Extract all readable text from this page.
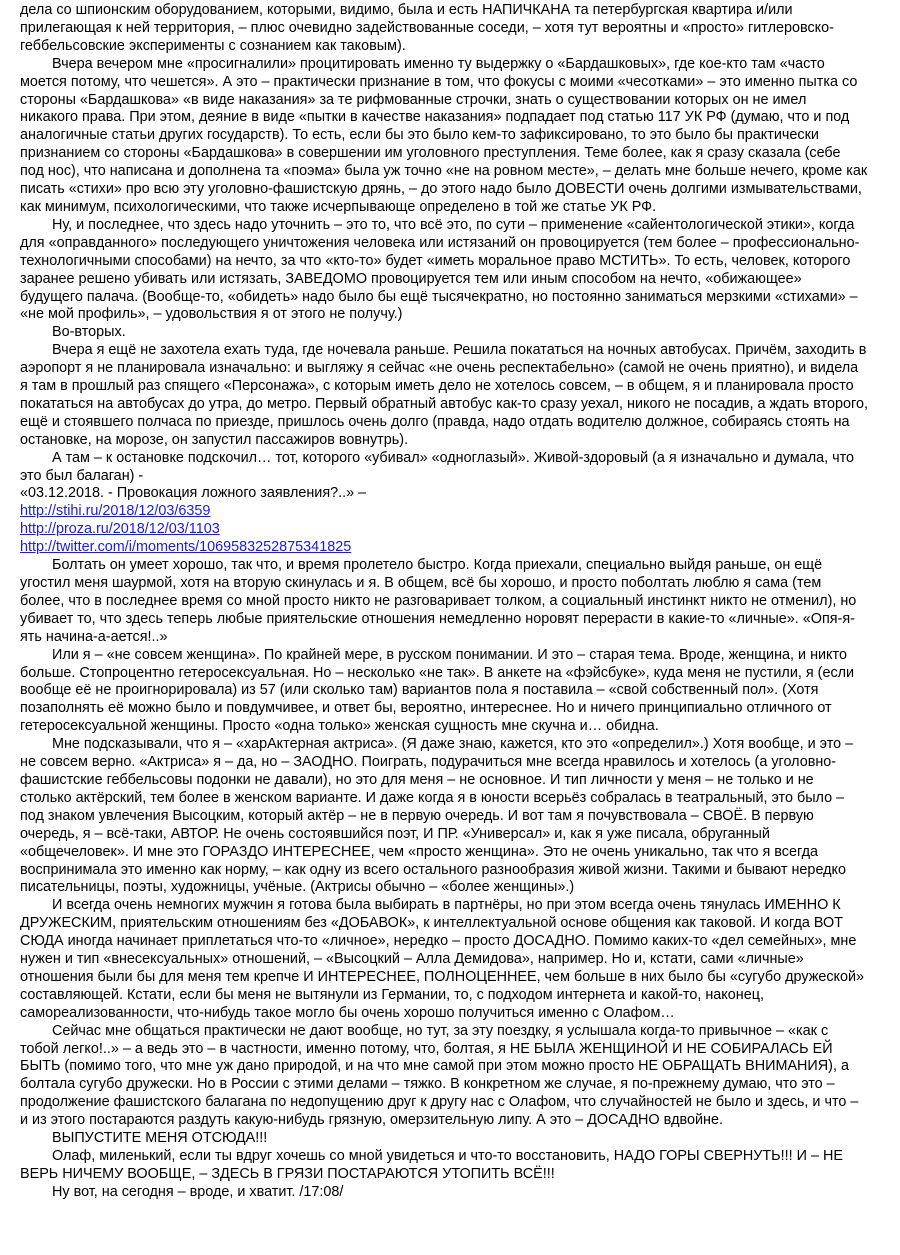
дела со шпионским оборудованием, которыми, видимо, была и есть НАПИЧКАНА та петербургская квартира и/или прилегающая к ней территория, – плюс очевидно задействованные соседи, – хотя тут вероятны и «просто» гитлеровско-геббельсовские эксперименты с сознанием как таковым).

Вчера вечером мне «просигналили» процитировать именно ту выдержку о «Бардашковых», где кое-кто там «часто моется потому, что чешется». А это – практически признание в том, что фокусы с моими «чесотками» – это именно пытка со стороны «Бардашкова» «в виде наказания» за те рифмованные строчки, знать о существовании которых он не имел никакого права. При этом, деяние в виде «пытки в качестве наказания» подпадает под статью 117 УК РФ (думаю, что и под аналогичные статьи других государств). То есть, если бы это было кем-то зафиксировано, то это было бы практически признанием со стороны «Бардашкова» в совершении им уголовного преступления. Теме более, как я сразу сказала (себе под нос), что написана и дополнена та «поэма» была уж точно «не на ровном месте», – делать мне больше нечего, кроме как писать «стихи» про всю эту уголовно-фашистскую дрянь, – до этого надо было ДОВЕСТИ очень долгими измывательствами, как минимум, психологическими, что также исчерпывающе определено в той же статье УК РФ.

Ну, и последнее, что здесь надо уточнить – это то, что всё это, по сути – применение «сайентологической этики», когда для «оправданного» последующего уничтожения человека или истязаний он провоцируется (тем более – профессионально-технологичными способами) на нечто, за что «кто-то» будет «иметь моральное право МСТИТЬ». То есть, человек, которого заранее решено убивать или истязать, ЗАВЕДОМО провоцируется тем или иным способом на нечто, «обижающее» будущего палача. (Вообще-то, «обидеть» надо было бы ещё тысячекратно, но постоянно заниматься мерзкими «стихами» – «не мой профиль», – удовольствия я от этого не получу.)

Во-вторых.

Вчера я ещё не захотела ехать туда, где ночевала раньше. Решила покататься на ночных автобусах. Причём, заходить в аэропорт я не планировала изначально: и выгляжу я сейчас «не очень респектабельно» (самой не очень приятно), и видела я там в прошлый раз спящего «Персонажа», с которым иметь дело не хотелось совсем, – в общем, я и планировала просто покататься на автобусах до утра, до метро. Первый обратный автобус как-то сразу уехал, никого не посадив, а ждать второго, ещё и стоявшего полчаса по приезде, пришлось очень долго (правда, надо отдать водителю должное, собираясь стоять на остановке, на морозе, он запустил пассажиров вовнутрь).

А там – к остановке подскочил… тот, которого «убивал» «одноглазый». Живой-здоровый (а я изначально и думала, что это был балаган) -

«03.12.2018. - Провокация ложного заявления?..» –

http://stihi.ru/2018/12/03/6359

http://proza.ru/2018/12/03/1103

http://twitter.com/i/moments/1069583252875341825

Болтать он умеет хорошо, так что, и время пролетело быстро. Когда приехали, специально выйдя раньше, он ещё угостил меня шаурмой, хотя на вторую скинулась и я. В общем, всё бы хорошо, и просто поболтать люблю я сама (тем более, что в последнее время со мной просто никто не разговаривает толком, а социальный инстинкт никто не отменил), но убивает то, что здесь теперь любые приятельские отношения немедленно норовят перерасти в какие-то «личные». «Опя-я-ять начина-а-ается!..»

Или я – «не совсем женщина». По крайней мере, в русском понимании. И это – старая тема. Вроде, женщина, и никто больше. Стопроцентно гетеросексуальная. Но – несколько «не так». В анкете на «фэйсбуке», куда меня не пустили, я (если вообще её не проигнорировала) из 57 (или сколько там) вариантов пола я поставила – «свой собственный пол». (Хотя позаполнять её можно было и повдумчивее, и ответ бы, вероятно, интереснее. Но и ничего принципиально отличного от гетеросексуальной женщины. Просто «одна только» женская сущность мне скучна и… обидна.

Мне подсказывали, что я – «харАктерная актриса». (Я даже знаю, кажется, кто это «определил».) Хотя вообще, и это – не совсем верно. «Актриса» я – да, но – ЗАОДНО. Поиграть, подурачиться мне всегда нравилось и хотелось (а уголовно-фашистские геббельсовы подонки не давали), но это для меня – не основное. И тип личности у меня – не только и не столько актёрский, тем более в женском варианте. И даже когда я в юности всерьёз собралась в театральный, это было – под знаком увлечения Высоцким, который актёр – не в первую очередь. И вот там я почувствовала – СВОЁ. В первую очередь, я – всё-таки, АВТОР. Не очень состоявшийся поэт, И ПР. «Универсал» и, как я уже писала, обруганный «общечеловек». И мне это ГОРАЗДО ИНТЕРЕСНЕЕ, чем «просто женщина». Это не очень уникально, так что я всегда воспринимала это именно как норму, – как одну из всего остального разнообразия живой жизни. Такими и бывают нередко писательницы, поэты, художницы, учёные. (Актрисы обычно – «более женщины».)

И всегда очень немногих мужчин я готова была выбирать в партнёры, но при этом всегда очень тянулась ИМЕННО К ДРУЖЕСКИМ, приятельским отношениям без «ДОБАВОК», к интеллектуальной основе общения как таковой. И когда ВОТ СЮДА иногда начинает приплетаться что-то «личное», нередко – просто ДОСАДНО. Помимо каких-то «дел семейных», мне нужен и тип «внесексуальных» отношений, – «Высоцкий – Алла Демидова», например. Но и, кстати, сами «личные» отношения были бы для меня тем крепче И ИНТЕРЕСНЕЕ, ПОЛНОЦЕННЕЕ, чем больше в них было бы «сугубо дружеской» составляющей. Кстати, если бы меня не вытянули из Германии, то, с подходом интернета и какой-то, наконец, самореализованности, что-нибудь такое могло бы очень хорошо получиться именно с Олафом…

Сейчас мне общаться практически не дают вообще, но тут, за эту поездку, я услышала когда-то привычное – «как с тобой легко!..» – а ведь это – в частности, именно потому, что, болтая, я НЕ БЫЛА ЖЕНЩИНОЙ И НЕ СОБИРАЛАСЬ ЕЙ БЫТЬ (помимо того, что мне уж дано природой, и на что мне самой при этом можно просто НЕ ОБРАЩАТЬ ВНИМАНИЯ), а болтала сугубо дружески. Но в России с этими делами – тяжко. В конкретном же случае, я по-прежнему думаю, что это – продолжение фашистского балагана по недопущению друг к другу нас с Олафом, что случайностей не было и здесь, и что – и из этого постараются раздуть какую-нибудь грязную, омерзительную липу. А это – ДОСАДНО вдвойне.

ВЫПУСТИТЕ МЕНЯ ОТСЮДА!!!

Олаф, миленький, если ты вдруг хочешь со мной увидеться и что-то восстановить, НАДО ГОРЫ СВЕРНУТЬ!!! И – НЕ ВЕРЬ НИЧЕМУ ВООБЩЕ, – ЗДЕСЬ В ГРЯЗИ ПОСТАРАЮТСЯ УТОПИТЬ ВСЁ!!!

Ну вот, на сегодня – вроде, и хватит. /17:08/
